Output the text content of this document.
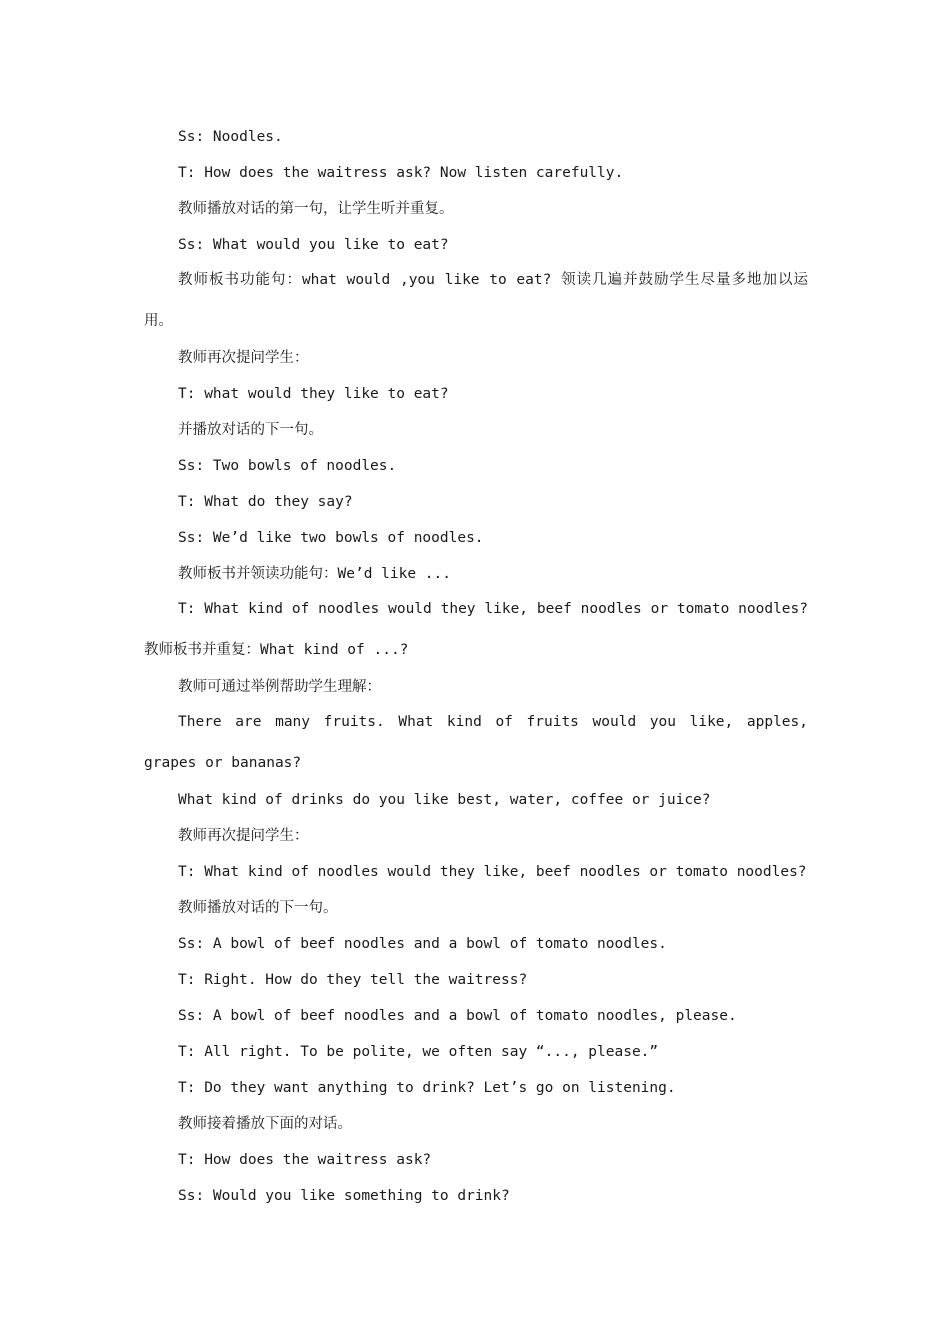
Ss: Noodles.

T: How does the waitress ask? Now listen carefully.

教师播放对话的第一句，让学生听并重复。

Ss: What would you like to eat?

教师板书功能句：what would ,you like to eat? 领读几遍并鼓励学生尽量多地加以运用。

教师再次提问学生：

T: what would they like to eat?

并播放对话的下一句。

Ss: Two bowls of noodles.

T: What do they say?

Ss: We’d like two bowls of noodles.

教师板书并领读功能句：We’d like ...

T: What kind of noodles would they like, beef noodles or tomato noodles?教师板书并重复：What kind of ...?

教师可通过举例帮助学生理解：

There are many fruits. What kind of fruits would you like, apples, grapes or bananas?

What kind of drinks do you like best, water, coffee or juice?

教师再次提问学生：

T: What kind of noodles would they like, beef noodles or tomato noodles?

教师播放对话的下一句。

Ss: A bowl of beef noodles and a bowl of tomato noodles.

T: Right. How do they tell the waitress?

Ss: A bowl of beef noodles and a bowl of tomato noodles, please.

T: All right. To be polite, we often say “..., please.”

T: Do they want anything to drink? Let’s go on listening.

教师接着播放下面的对话。

T: How does the waitress ask?

Ss: Would you like something to drink?
